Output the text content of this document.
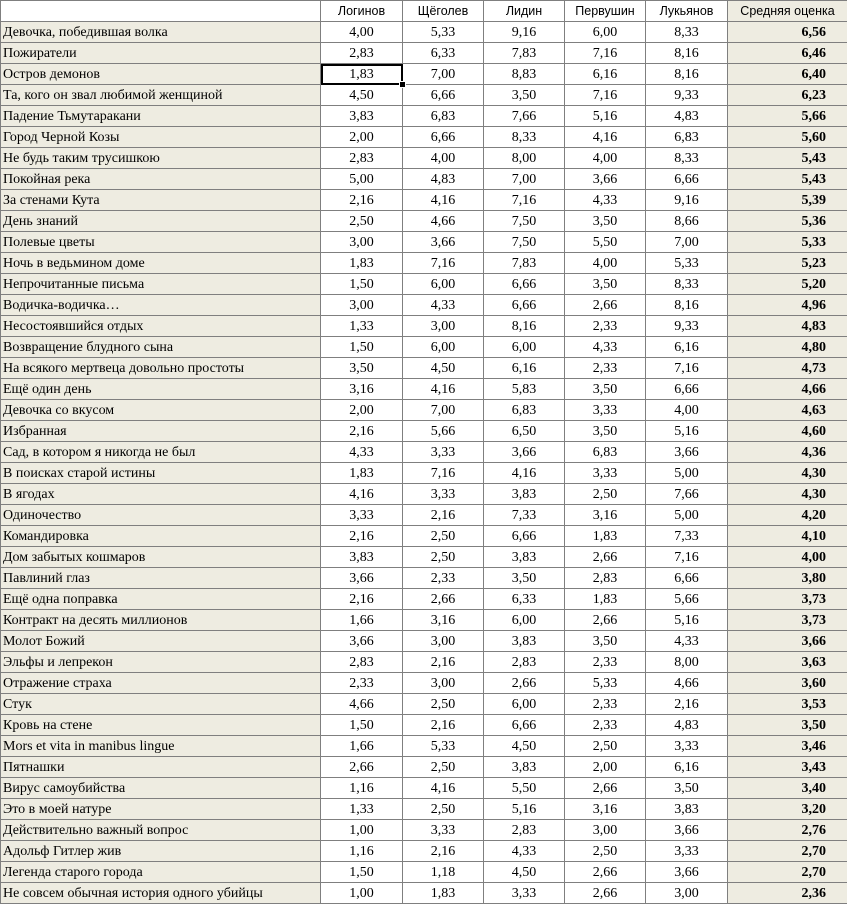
	Логинов	Щёголев	Лидин	Первушин	Лукьянов	Средняя оценка
Девочка, победившая волка	4,00	5,33	9,16	6,00	8,33	6,56
Пожиратели	2,83	6,33	7,83	7,16	8,16	6,46
Остров демонов	1,83	7,00	8,83	6,16	8,16	6,40
Та, кого он звал любимой женщиной	4,50	6,66	3,50	7,16	9,33	6,23
Падение Тьмутаракани	3,83	6,83	7,66	5,16	4,83	5,66
Город Черной Козы	2,00	6,66	8,33	4,16	6,83	5,60
Не будь таким трусишкою	2,83	4,00	8,00	4,00	8,33	5,43
Покойная река	5,00	4,83	7,00	3,66	6,66	5,43
За стенами Кута	2,16	4,16	7,16	4,33	9,16	5,39
День знаний	2,50	4,66	7,50	3,50	8,66	5,36
Полевые цветы	3,00	3,66	7,50	5,50	7,00	5,33
Ночь в ведьмином доме	1,83	7,16	7,83	4,00	5,33	5,23
Непрочитанные письма	1,50	6,00	6,66	3,50	8,33	5,20
Водичка-водичка…	3,00	4,33	6,66	2,66	8,16	4,96
Несостоявшийся отдых	1,33	3,00	8,16	2,33	9,33	4,83
Возвращение блудного сына	1,50	6,00	6,00	4,33	6,16	4,80
На всякого мертвеца довольно простоты	3,50	4,50	6,16	2,33	7,16	4,73
Ещё один день	3,16	4,16	5,83	3,50	6,66	4,66
Девочка со вкусом	2,00	7,00	6,83	3,33	4,00	4,63
Избранная	2,16	5,66	6,50	3,50	5,16	4,60
Сад, в котором я никогда не был	4,33	3,33	3,66	6,83	3,66	4,36
В поисках старой истины	1,83	7,16	4,16	3,33	5,00	4,30
В ягодах	4,16	3,33	3,83	2,50	7,66	4,30
Одиночество	3,33	2,16	7,33	3,16	5,00	4,20
Командировка	2,16	2,50	6,66	1,83	7,33	4,10
Дом забытых кошмаров	3,83	2,50	3,83	2,66	7,16	4,00
Павлиний глаз	3,66	2,33	3,50	2,83	6,66	3,80
Ещё одна поправка	2,16	2,66	6,33	1,83	5,66	3,73
Контракт на десять миллионов	1,66	3,16	6,00	2,66	5,16	3,73
Молот Божий	3,66	3,00	3,83	3,50	4,33	3,66
Эльфы и лепрекон	2,83	2,16	2,83	2,33	8,00	3,63
Отражение страха	2,33	3,00	2,66	5,33	4,66	3,60
Стук	4,66	2,50	6,00	2,33	2,16	3,53
Кровь на стене	1,50	2,16	6,66	2,33	4,83	3,50
Mors et vita in manibus lingue	1,66	5,33	4,50	2,50	3,33	3,46
Пятнашки	2,66	2,50	3,83	2,00	6,16	3,43
Вирус самоубийства	1,16	4,16	5,50	2,66	3,50	3,40
Это в моей натуре	1,33	2,50	5,16	3,16	3,83	3,20
Действительно важный вопрос	1,00	3,33	2,83	3,00	3,66	2,76
Адольф Гитлер жив	1,16	2,16	4,33	2,50	3,33	2,70
Легенда старого города	1,50	1,18	4,50	2,66	3,66	2,70
Не совсем обычная история одного убийцы	1,00	1,83	3,33	2,66	3,00	2,36
